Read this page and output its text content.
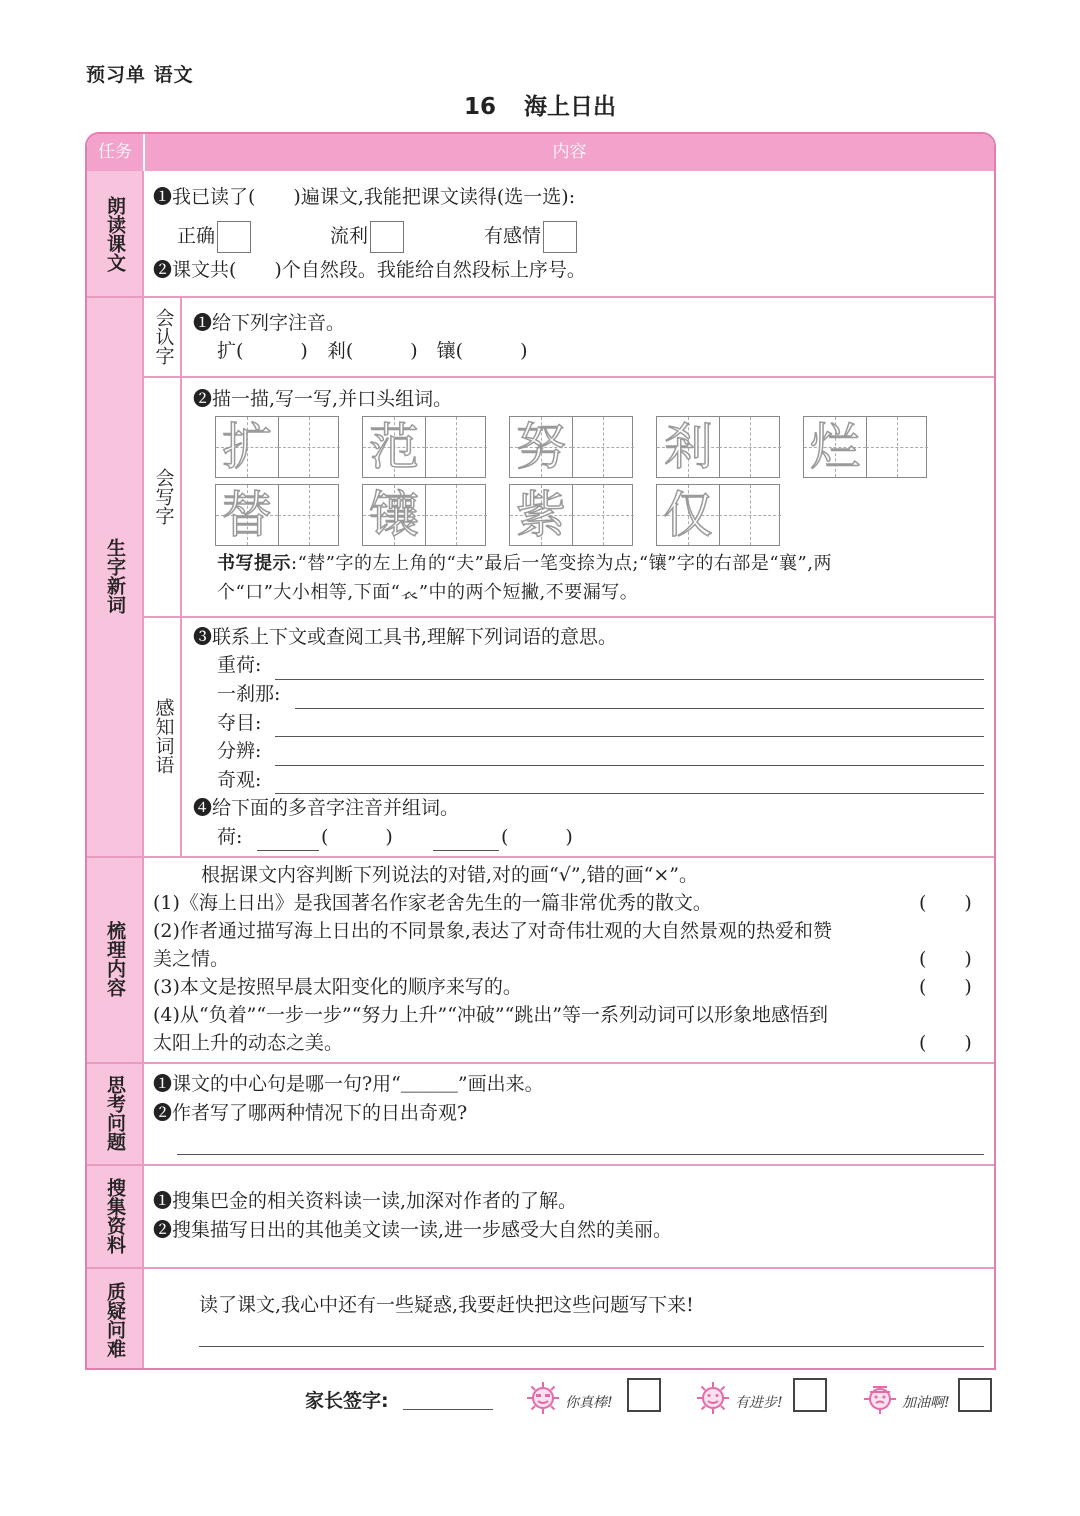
预习单 语文
16 海上日出
任务	内容
朗读课文 ❶我已读了(　　)遍课文,我能把课文读得(选一选):
正确	流利	有感情
❷课文共(　　)个自然段。我能给自然段标上序号。
生字新词
会认字 ❶给下列字注音。
扩(　　　)　剎(　　　)　镶(　　　)
会写字
❷描一描,写一写,并口头组词。
扩 范 努 剎 烂
替 镶 紫 仅
书写提示:“替”字的左上角的“夫”最后一笔变捺为点;“镶”字的右部是“襄”,两
个“口”大小相等,下面“𧘇”中的两个短撇,不要漏写。
感知词语
❸联系上下文或查阅工具书,理解下列词语的意思。
重荷:
一刹那:
夺目:
分辨:
奇观:
❹给下面的多音字注音并组词。
荷:	(　　　)	(　　　)
梳理内容
根据课文内容判断下列说法的对错,对的画“√”,错的画“×”。
(1)《海上日出》是我国著名作家老舍先生的一篇非常优秀的散文。	(　　)
(2)作者通过描写海上日出的不同景象,表达了对奇伟壮观的大自然景观的热爱和赞
美之情。	(　　)
(3)本文是按照早晨太阳变化的顺序来写的。	(　　)
(4)从“负着”“一步一步”“努力上升”“冲破”“跳出”等一系列动词可以形象地感悟到
太阳上升的动态之美。	(　　)
思考问题 ❶课文的中心句是哪一句?用“＿＿＿”画出来。
❷作者写了哪两种情况下的日出奇观?
搜集资料 ❶搜集巴金的相关资料读一读,加深对作者的了解。
❷搜集描写日出的其他美文读一读,进一步感受大自然的美丽。
质疑问难	读了课文,我心中还有一些疑惑,我要赶快把这些问题写下来!
家长签字:	你真棒!	有进步!	加油啊!
